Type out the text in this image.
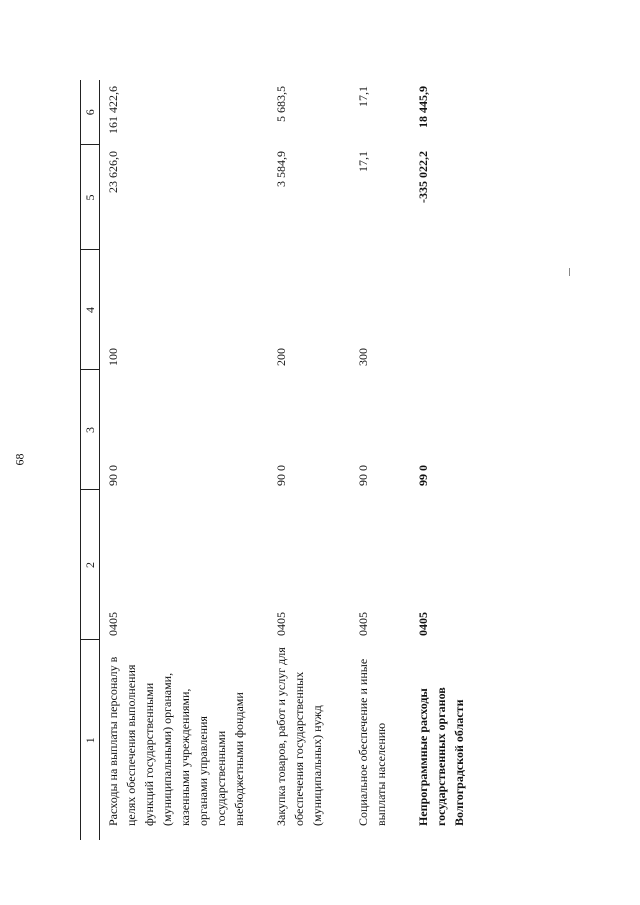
68
1	2	3	4	5	6
Расходы на выплаты персоналу в целях обеспечения выполнения функций государственными (муниципальными) органами, казенными учреждениями, органами управления государственными внебюджетными фондами	0405	90 0	100	23 626,0	161 422,6
Закупка товаров, работ и услуг для обеспечения государственных (муниципальных) нужд	0405	90 0	200	3 584,9	5 683,5
Социальное обеспечение и иные выплаты населению	0405	90 0	300	17,1	17,1
Непрограммные расходы государственных органов Волгоградской области	0405	99 0		-335 022,2	18 445,9
